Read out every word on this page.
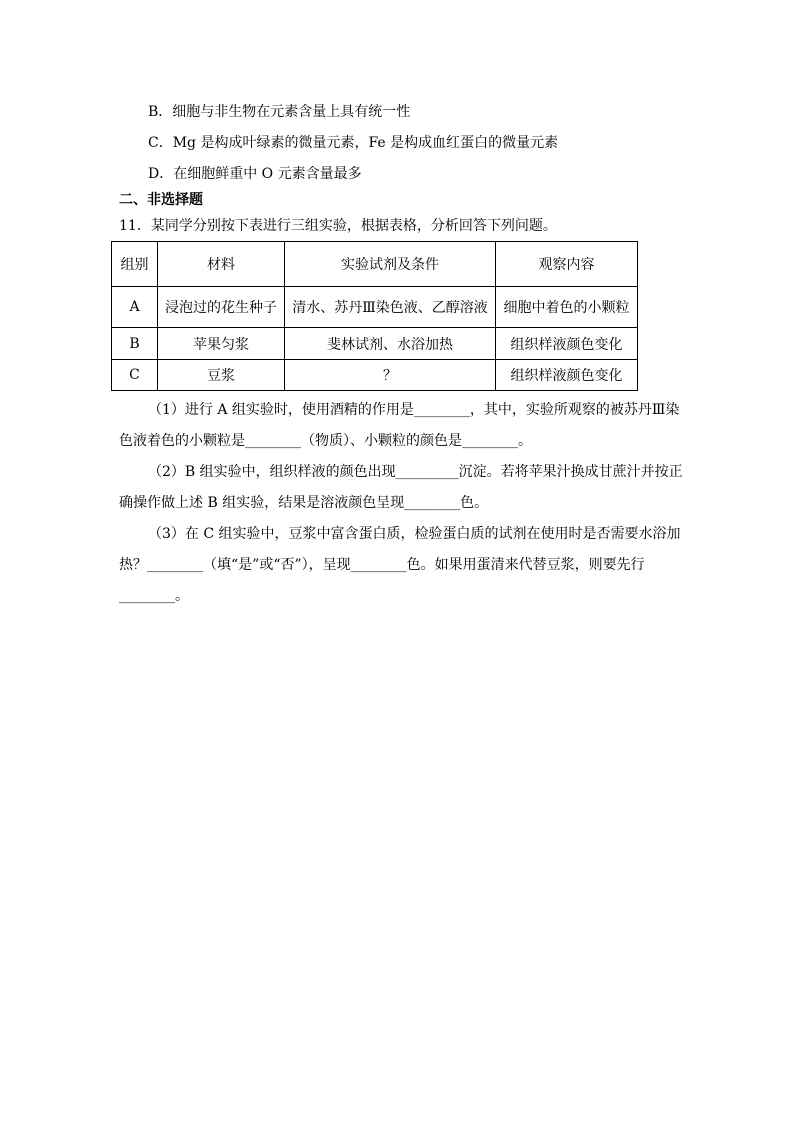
B．细胞与非生物在元素含量上具有统一性
C．Mg 是构成叶绿素的微量元素，Fe 是构成血红蛋白的微量元素
D．在细胞鲜重中 O 元素含量最多
二、非选择题
11．某同学分别按下表进行三组实验，根据表格，分析回答下列问题。
组别	材料	实验试剂及条件	观察内容
A	浸泡过的花生种子	清水、苏丹Ⅲ染色液、乙醇溶液	细胞中着色的小颗粒
B	苹果匀浆	斐林试剂、水浴加热	组织样液颜色变化
C	豆浆	？	组织样液颜色变化
（1）进行 A 组实验时，使用酒精的作用是________，其中，实验所观察的被苏丹Ⅲ染
色液着色的小颗粒是________（物质）、小颗粒的颜色是________。
（2）B 组实验中，组织样液的颜色出现_________沉淀。若将苹果汁换成甘蔗汁并按正
确操作做上述 B 组实验，结果是溶液颜色呈现________色。
（3）在 C 组实验中，豆浆中富含蛋白质，检验蛋白质的试剂在使用时是否需要水浴加
热？________（填“是”或“否”），呈现________色。如果用蛋清来代替豆浆，则要先行
________。
